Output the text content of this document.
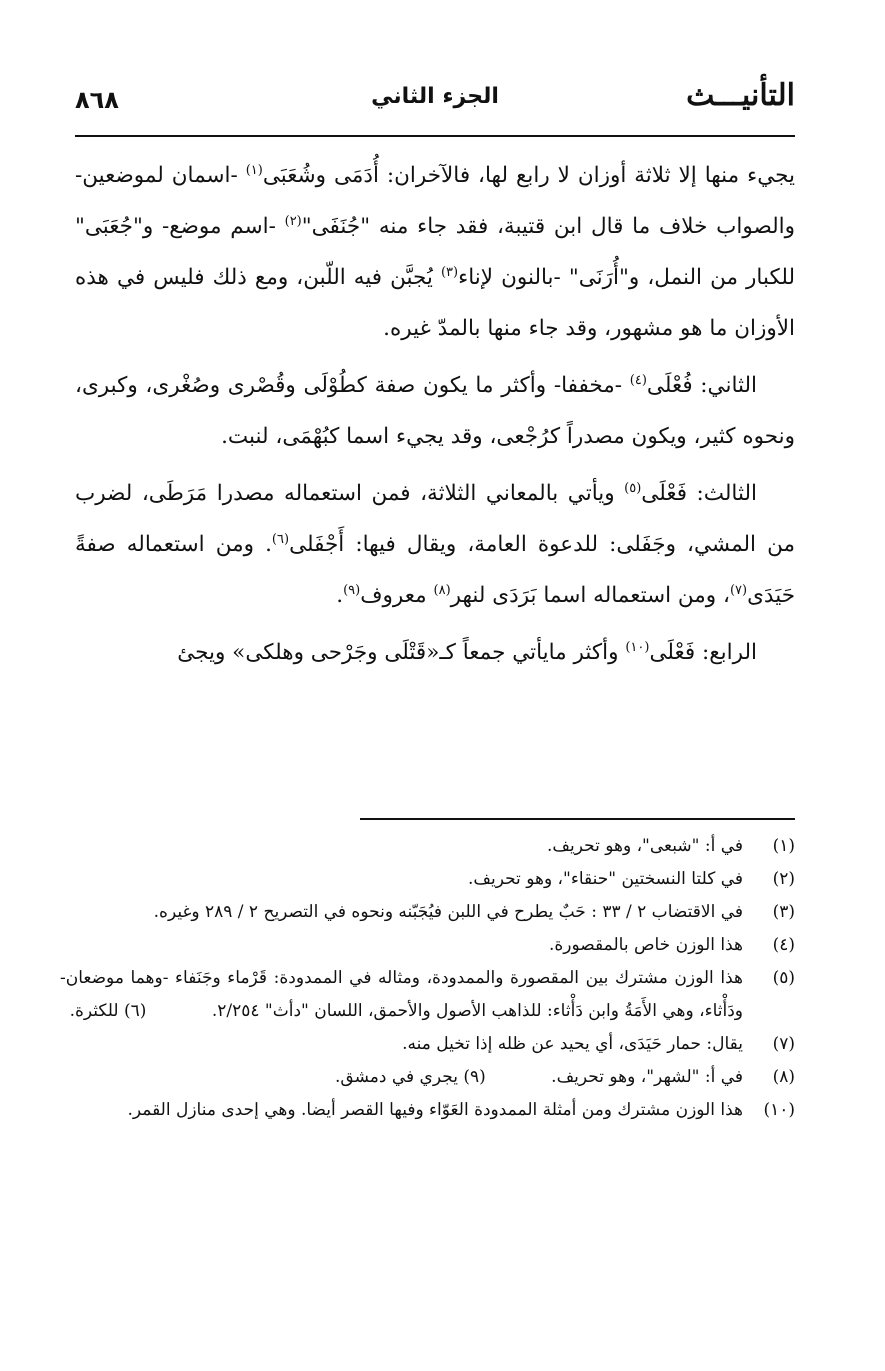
التأنيـــث
الجزء الثاني
٨٦٨

يجيء منها إلا ثلاثة أوزان لا رابع لها، فالآخران: أُدَمَى وشُعَبَى$^{(١)}$ -اسمان لموضعين- والصواب خلاف ما قال ابن قتيبة، فقد جاء منه "جُنَفَى"$^{(٢)}$ -اسم موضع- و"جُعَبَى" للكبار من النمل، و"أُرَنَى" -بالنون لإناء$^{(٣)}$ يُجبَّن فيه اللّبن، ومع ذلك فليس في هذه الأوزان ما هو مشهور، وقد جاء منها بالمدّ غيره.

الثاني: فُعْلَى$^{(٤)}$ -مخففا- وأكثر ما يكون صفة كطُوْلَى وقُصْرى وصُغْرى، وكبرى، ونحوه كثير، ويكون مصدراً كرُجْعى، وقد يجيء اسما كبُهْمَى، لنبت.

الثالث: فَعْلَى$^{(٥)}$ ويأتي بالمعاني الثلاثة، فمن استعماله مصدرا مَرَطَى، لضرب من المشي، وجَفَلى: للدعوة العامة، ويقال فيها: أَجْفَلى$^{(٦)}$. ومن استعماله صفةً حَيَدَى$^{(٧)}$، ومن استعماله اسما بَرَدَى لنهر$^{(٨)}$ معروف$^{(٩)}$.

الرابع: فَعْلَى$^{(١٠)}$ وأكثر مايأتي جمعاً كـ«قَتْلَى وجَرْحى وهلكى» ويجئ

(١)
في أ: "شبعى"، وهو تحريف.
(٢)
في كلتا النسختين "حنقاء"، وهو تحريف.
(٣)
في الاقتضاب ٢ / ٣٣ : حَبٌ يطرح في اللبن فيُجَبّنه ونحوه في التصريح ٢ / ٢٨٩ وغيره.
(٤)
هذا الوزن خاص بالمقصورة.
(٥)
هذا الوزن مشترك بين المقصورة والممدودة، ومثاله في الممدودة: قَرْماء وجَنَفاء -وهما موضعان- ودَأْثاء، وهي الأَمَةُ وابن دَأْثاء: للذاهب الأصول والأحمق، اللسان "دأث" ٢/٢٥٤. (٦) للكثرة.
(٧)
يقال: حمار حَيَدَى، أي يحيد عن ظله إذا تخيل منه.
(٨)
في أ: "لشهر"، وهو تحريف. (٩) يجري في دمشق.
(١٠)
هذا الوزن مشترك ومن أمثلة الممدودة العَوّاء وفيها القصر أيضا. وهي إحدى منازل القمر.
